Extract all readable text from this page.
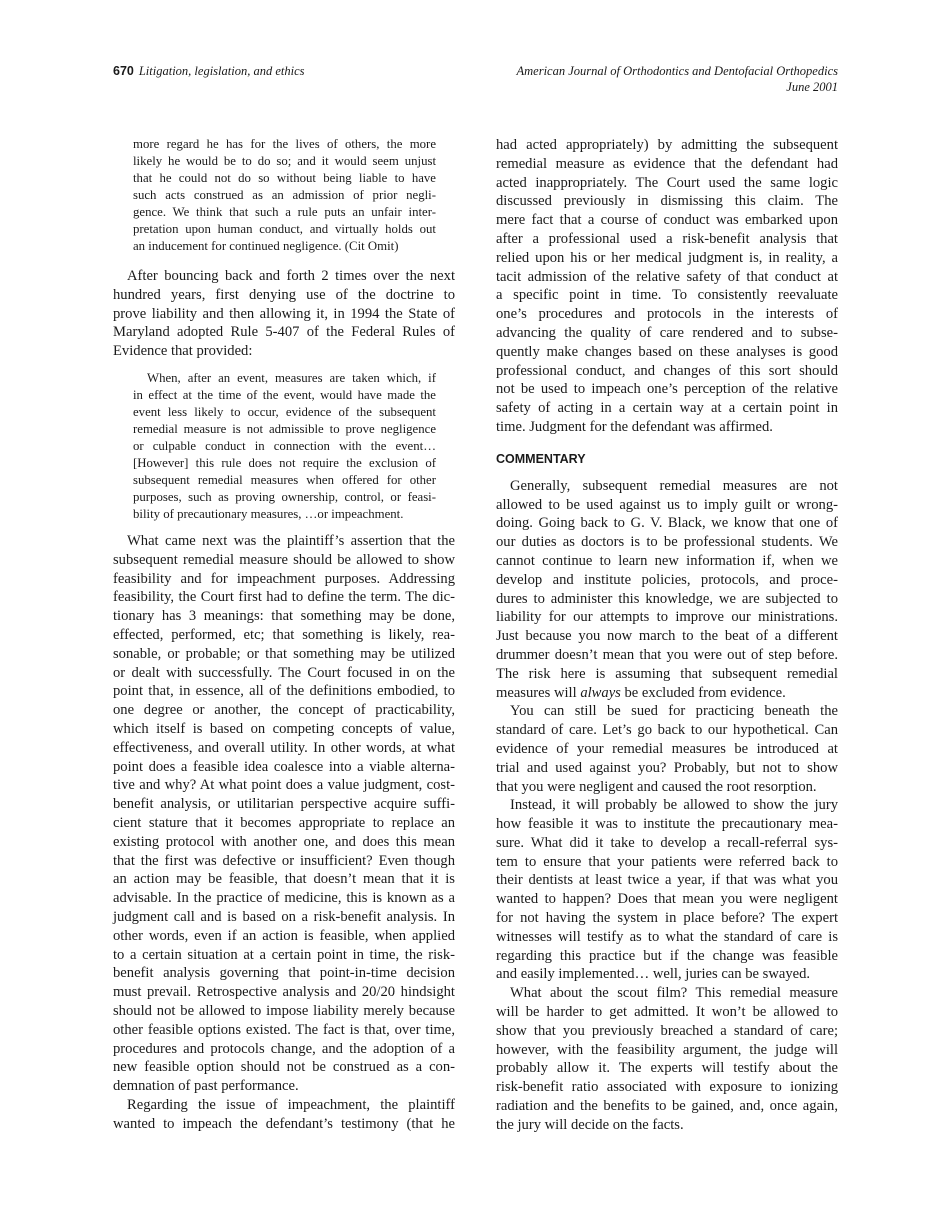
670 Litigation, legislation, and ethics	American Journal of Orthodontics and Dentofacial Orthopedics
June 2001
more regard he has for the lives of others, the more
likely he would be to do so; and it would seem unjust
that he could not do so without being liable to have
such acts construed as an admission of prior negli-
gence. We think that such a rule puts an unfair inter-
pretation upon human conduct, and virtually holds out
an inducement for continued negligence. (Cit Omit)
After bouncing back and forth 2 times over the next
hundred years, first denying use of the doctrine to
prove liability and then allowing it, in 1994 the State of
Maryland adopted Rule 5-407 of the Federal Rules of
Evidence that provided:
When, after an event, measures are taken which, if
in effect at the time of the event, would have made the
event less likely to occur, evidence of the subsequent
remedial measure is not admissible to prove negligence
or culpable conduct in connection with the event…
[However] this rule does not require the exclusion of
subsequent remedial measures when offered for other
purposes, such as proving ownership, control, or feasi-
bility of precautionary measures, …or impeachment.
What came next was the plaintiff’s assertion that the
subsequent remedial measure should be allowed to show
feasibility and for impeachment purposes. Addressing
feasibility, the Court first had to define the term. The dic-
tionary has 3 meanings: that something may be done,
effected, performed, etc; that something is likely, rea-
sonable, or probable; or that something may be utilized
or dealt with successfully. The Court focused in on the
point that, in essence, all of the definitions embodied, to
one degree or another, the concept of practicability,
which itself is based on competing concepts of value,
effectiveness, and overall utility. In other words, at what
point does a feasible idea coalesce into a viable alterna-
tive and why? At what point does a value judgment, cost-
benefit analysis, or utilitarian perspective acquire suffi-
cient stature that it becomes appropriate to replace an
existing protocol with another one, and does this mean
that the first was defective or insufficient? Even though
an action may be feasible, that doesn’t mean that it is
advisable. In the practice of medicine, this is known as a
judgment call and is based on a risk-benefit analysis. In
other words, even if an action is feasible, when applied
to a certain situation at a certain point in time, the risk-
benefit analysis governing that point-in-time decision
must prevail. Retrospective analysis and 20/20 hindsight
should not be allowed to impose liability merely because
other feasible options existed. The fact is that, over time,
procedures and protocols change, and the adoption of a
new feasible option should not be construed as a con-
demnation of past performance.
Regarding the issue of impeachment, the plaintiff
wanted to impeach the defendant’s testimony (that he
had acted appropriately) by admitting the subsequent
remedial measure as evidence that the defendant had
acted inappropriately. The Court used the same logic
discussed previously in dismissing this claim. The
mere fact that a course of conduct was embarked upon
after a professional used a risk-benefit analysis that
relied upon his or her medical judgment is, in reality, a
tacit admission of the relative safety of that conduct at
a specific point in time. To consistently reevaluate
one’s procedures and protocols in the interests of
advancing the quality of care rendered and to subse-
quently make changes based on these analyses is good
professional conduct, and changes of this sort should
not be used to impeach one’s perception of the relative
safety of acting in a certain way at a certain point in
time. Judgment for the defendant was affirmed.
COMMENTARY
Generally, subsequent remedial measures are not
allowed to be used against us to imply guilt or wrong-
doing. Going back to G. V. Black, we know that one of
our duties as doctors is to be professional students. We
cannot continue to learn new information if, when we
develop and institute policies, protocols, and proce-
dures to administer this knowledge, we are subjected to
liability for our attempts to improve our ministrations.
Just because you now march to the beat of a different
drummer doesn’t mean that you were out of step before.
The risk here is assuming that subsequent remedial
measures will always be excluded from evidence.
You can still be sued for practicing beneath the
standard of care. Let’s go back to our hypothetical. Can
evidence of your remedial measures be introduced at
trial and used against you? Probably, but not to show
that you were negligent and caused the root resorption.
Instead, it will probably be allowed to show the jury
how feasible it was to institute the precautionary mea-
sure. What did it take to develop a recall-referral sys-
tem to ensure that your patients were referred back to
their dentists at least twice a year, if that was what you
wanted to happen? Does that mean you were negligent
for not having the system in place before? The expert
witnesses will testify as to what the standard of care is
regarding this practice but if the change was feasible
and easily implemented… well, juries can be swayed.
What about the scout film? This remedial measure
will be harder to get admitted. It won’t be allowed to
show that you previously breached a standard of care;
however, with the feasibility argument, the judge will
probably allow it. The experts will testify about the
risk-benefit ratio associated with exposure to ionizing
radiation and the benefits to be gained, and, once again,
the jury will decide on the facts.
